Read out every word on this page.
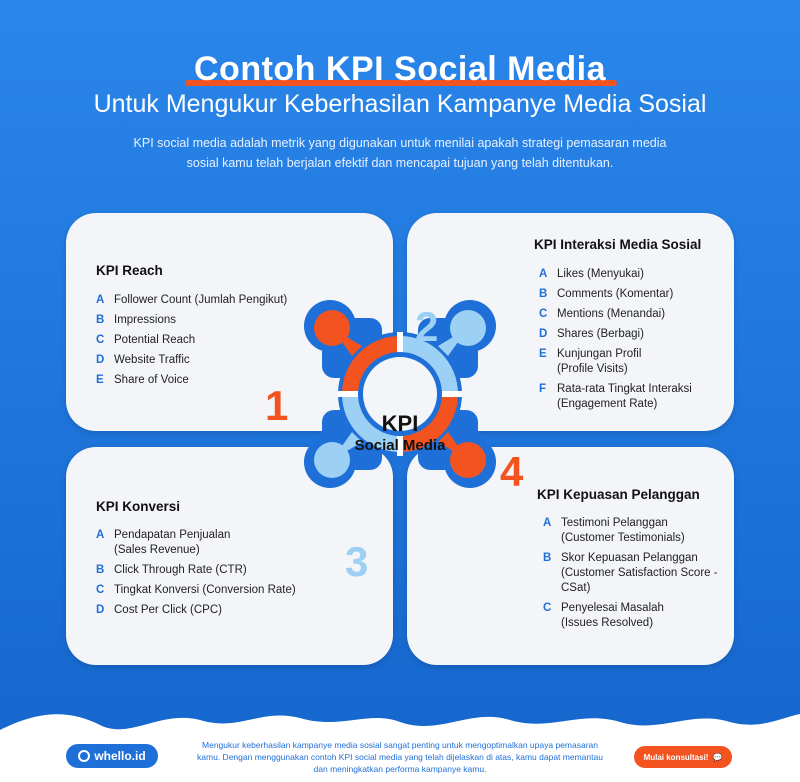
Contoh KPI Social Media
Untuk Mengukur Keberhasilan Kampanye Media Sosial
KPI social media adalah metrik yang digunakan untuk menilai apakah strategi pemasaran media sosial kamu telah berjalan efektif dan mencapai tujuan yang telah ditentukan.
KPI Reach
A Follower Count (Jumlah Pengikut)
B Impressions
C Potential Reach
D Website Traffic
E Share of Voice
KPI Interaksi Media Sosial
A Likes (Menyukai)
B Comments (Komentar)
C Mentions (Menandai)
D Shares (Berbagi)
E Kunjungan Profil (Profile Visits)
F Rata-rata Tingkat Interaksi (Engagement Rate)
KPI Konversi
A Pendapatan Penjualan (Sales Revenue)
B Click Through Rate (CTR)
C Tingkat Konversi (Conversion Rate)
D Cost Per Click (CPC)
KPI Kepuasan Pelanggan
A Testimoni Pelanggan (Customer Testimonials)
B Skor Kepuasan Pelanggan (Customer Satisfaction Score - CSat)
C Penyelesai Masalah (Issues Resolved)
KPI
Social Media
1
2
3
4
whello.id
Mengukur keberhasilan kampanye media sosial sangat penting untuk mengoptimalkan upaya pemasaran kamu. Dengan menggunakan contoh KPI social media yang telah dijelaskan di atas, kamu dapat memantau dan meningkatkan performa kampanye kamu.
Mulai konsultasi! 💬
